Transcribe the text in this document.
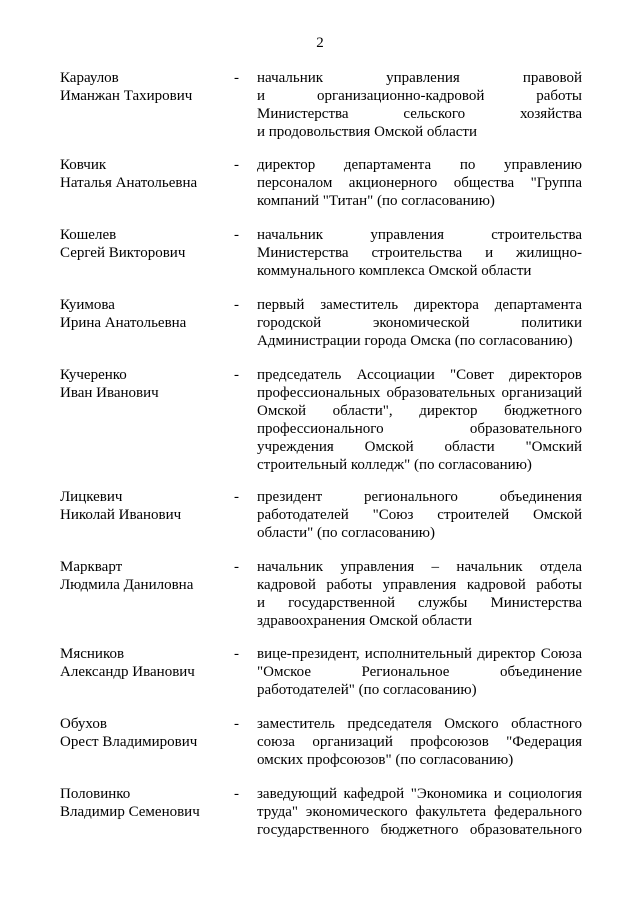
2
Караулов
Иманжан Тахирович
-	начальник управления правовой
и организационно-кадровой работы
Министерства сельского хозяйства
и продовольствия Омской области
Ковчик
Наталья Анатольевна
-	директор департамента по управлению
персоналом акционерного общества "Группа
компаний "Титан" (по согласованию)
Кошелев
Сергей Викторович
-	начальник управления строительства
Министерства строительства и жилищно-
коммунального комплекса Омской области
Куимова
Ирина Анатольевна
-	первый заместитель директора департамента
городской экономической политики
Администрации города Омска (по согласованию)
Кучеренко
Иван Иванович
-	председатель Ассоциации "Совет директоров
профессиональных образовательных организаций
Омской области", директор бюджетного
профессионального образовательного
учреждения Омской области "Омский
строительный колледж" (по согласованию)
Лицкевич
Николай Иванович
-	президент регионального объединения
работодателей "Союз строителей Омской
области" (по согласованию)
Маркварт
Людмила Даниловна
-	начальник управления – начальник отдела
кадровой работы управления кадровой работы
и государственной службы Министерства
здравоохранения Омской области
Мясников
Александр Иванович
-	вице-президент, исполнительный директор Союза
"Омское Региональное объединение
работодателей" (по согласованию)
Обухов
Орест Владимирович
-	заместитель председателя Омского областного
союза организаций профсоюзов "Федерация
омских профсоюзов" (по согласованию)
Половинко
Владимир Семенович
-	заведующий кафедрой "Экономика и социология
труда" экономического факультета федерального
государственного бюджетного образовательного
